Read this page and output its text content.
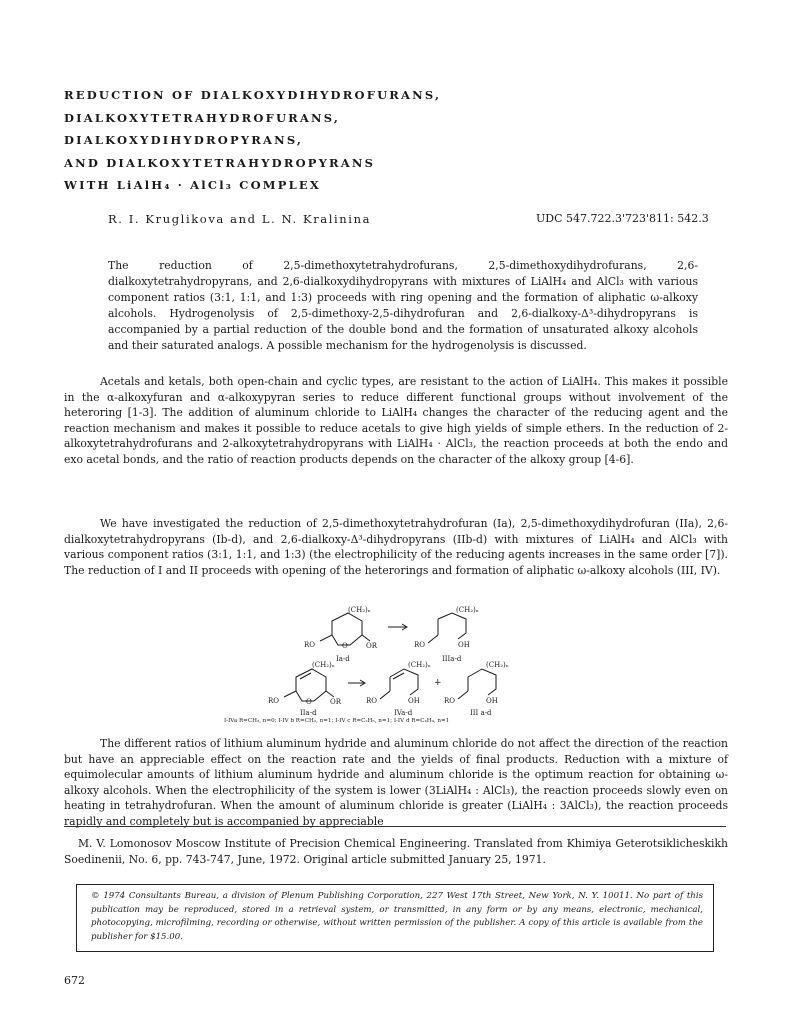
REDUCTION OF DIALKOXYDIHYDROFURANS,
DIALKOXYTETRAHYDROFURANS,
DIALKOXYDIHYDROPYRANS,
AND DIALKOXYTETRAHYDROPYRANS
WITH LiAlH₄ · AlCl₃ COMPLEX
R. I. Kruglikova and L. N. Kralinina	UDC 547.722.3'723'811: 542.3

The reduction of 2,5-dimethoxytetrahydrofurans, 2,5-dimethoxydihydrofurans, 2,6-dialkoxytetrahydropyrans, and 2,6-dialkoxydihydropyrans with mixtures of LiAlH₄ and AlCl₃ with various component ratios (3:1, 1:1, and 1:3) proceeds with ring opening and the formation of aliphatic ω-alkoxy alcohols. Hydrogenolysis of 2,5-dimethoxy-2,5-dihydrofuran and 2,6-dialkoxy-Δ³-dihydropyrans is accompanied by a partial reduction of the double bond and the formation of unsaturated alkoxy alcohols and their saturated analogs. A possible mechanism for the hydrogenolysis is discussed.

Acetals and ketals, both open-chain and cyclic types, are resistant to the action of LiAlH₄. This makes it possible in the α-alkoxyfuran and α-alkoxypyran series to reduce different functional groups without involvement of the heteroring [1-3]. The addition of aluminum chloride to LiAlH₄ changes the character of the reducing agent and the reaction mechanism and makes it possible to reduce acetals to give high yields of simple ethers. In the reduction of 2-alkoxytetrahydrofurans and 2-alkoxytetrahydropyrans with LiAlH₄ · AlCl₃, the reaction proceeds at both the endo and exo acetal bonds, and the ratio of reaction products depends on the character of the alkoxy group [4-6].

We have investigated the reduction of 2,5-dimethoxytetrahydrofuran (Ia), 2,5-dimethoxydihydrofuran (IIa), 2,6-dialkoxytetrahydropyrans (Ib-d), and 2,6-dialkoxy-Δ³-dihydropyrans (IIb-d) with mixtures of LiAlH₄ and AlCl₃ with various component ratios (3:1, 1:1, and 1:3) (the electrophilicity of the reducing agents increases in the same order [7]). The reduction of I and II proceeds with opening of the heterorings and formation of aliphatic ω-alkoxy alcohols (III, IV).

(CH₂)ₙ
RO	O	OR
Ia-d
(CH₂)ₙ
RO	OH
IIIa-d
(CH₂)ₙ
RO	O	OR
IIa-d
(CH₂)ₙ
RO	OH
IVa-d
+
(CH₂)ₙ
RO	OH
III a-d
I-IVa R=CH₃, n=0; I-IV b R=CH₃, n=1; I-IV c R=C₂H₅, n=1; I-IV d R=C₄H₉, n=1

The different ratios of lithium aluminum hydride and aluminum chloride do not affect the direction of the reaction but have an appreciable effect on the reaction rate and the yields of final products. Reduction with a mixture of equimolecular amounts of lithium aluminum hydride and aluminum chloride is the optimum reaction for obtaining ω-alkoxy alcohols. When the electrophilicity of the system is lower (3LiAlH₄ : AlCl₃), the reaction proceeds slowly even on heating in tetrahydrofuran. When the amount of aluminum chloride is greater (LiAlH₄ : 3AlCl₃), the reaction proceeds rapidly and completely but is accompanied by appreciable

M. V. Lomonosov Moscow Institute of Precision Chemical Engineering. Translated from Khimiya Geterotsiklicheskikh Soedinenii, No. 6, pp. 743-747, June, 1972. Original article submitted January 25, 1971.

© 1974 Consultants Bureau, a division of Plenum Publishing Corporation, 227 West 17th Street, New York, N. Y. 10011. No part of this publication may be reproduced, stored in a retrieval system, or transmitted, in any form or by any means, electronic, mechanical, photocopying, microfilming, recording or otherwise, without written permission of the publisher. A copy of this article is available from the publisher for $15.00.

672
